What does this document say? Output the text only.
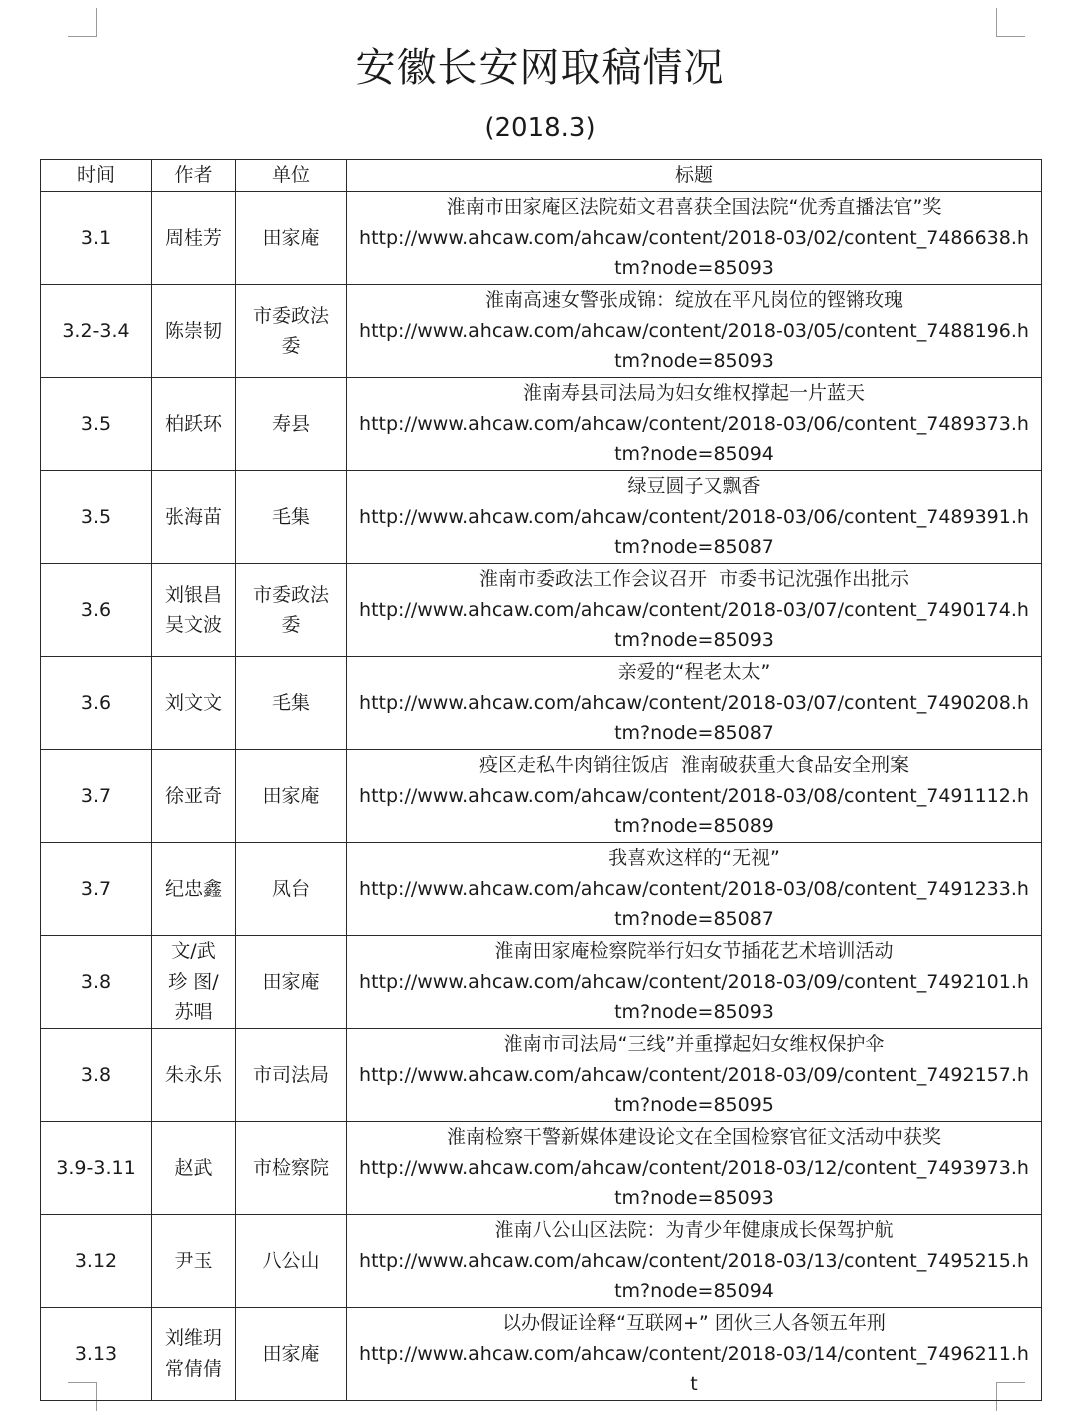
安徽长安网取稿情况
(2018.3)
时间	作者	单位	标题
3.1	周桂芳	田家庵	淮南市田家庵区法院茹文君喜获全国法院“优秀直播法官”奖
http://www.ahcaw.com/ahcaw/content/2018-03/02/content_7486638.htm?node=85093

3.2-3.4	陈崇韧	市委政法委	淮南高速女警张成锦：绽放在平凡岗位的铿锵玫瑰
http://www.ahcaw.com/ahcaw/content/2018-03/05/content_7488196.htm?node=85093

3.5	柏跃环	寿县	淮南寿县司法局为妇女维权撑起一片蓝天
http://www.ahcaw.com/ahcaw/content/2018-03/06/content_7489373.htm?node=85094

3.5	张海苗	毛集	绿豆圆子又飘香
http://www.ahcaw.com/ahcaw/content/2018-03/06/content_7489391.htm?node=85087

3.6	刘银昌 吴文波	市委政法委	淮南市委政法工作会议召开  市委书记沈强作出批示
http://www.ahcaw.com/ahcaw/content/2018-03/07/content_7490174.htm?node=85093

3.6	刘文文	毛集	亲爱的“程老太太”
http://www.ahcaw.com/ahcaw/content/2018-03/07/content_7490208.htm?node=85087

3.7	徐亚奇	田家庵	疫区走私牛肉销往饭店  淮南破获重大食品安全刑案
http://www.ahcaw.com/ahcaw/content/2018-03/08/content_7491112.htm?node=85089

3.7	纪忠鑫	凤台	我喜欢这样的“无视”
http://www.ahcaw.com/ahcaw/content/2018-03/08/content_7491233.htm?node=85087

3.8	文/武珍 图/苏唱	田家庵	淮南田家庵检察院举行妇女节插花艺术培训活动
http://www.ahcaw.com/ahcaw/content/2018-03/09/content_7492101.htm?node=85093

3.8	朱永乐	市司法局	淮南市司法局“三线”并重撑起妇女维权保护伞
http://www.ahcaw.com/ahcaw/content/2018-03/09/content_7492157.htm?node=85095

3.9-3.11	赵武	市检察院	淮南检察干警新媒体建设论文在全国检察官征文活动中获奖
http://www.ahcaw.com/ahcaw/content/2018-03/12/content_7493973.htm?node=85093

3.12	尹玉	八公山	淮南八公山区法院：为青少年健康成长保驾护航
http://www.ahcaw.com/ahcaw/content/2018-03/13/content_7495215.htm?node=85094

3.13	刘维玥 常倩倩	田家庵	以办假证诠释“互联网+” 团伙三人各领五年刑
http://www.ahcaw.com/ahcaw/content/2018-03/14/content_7496211.ht
